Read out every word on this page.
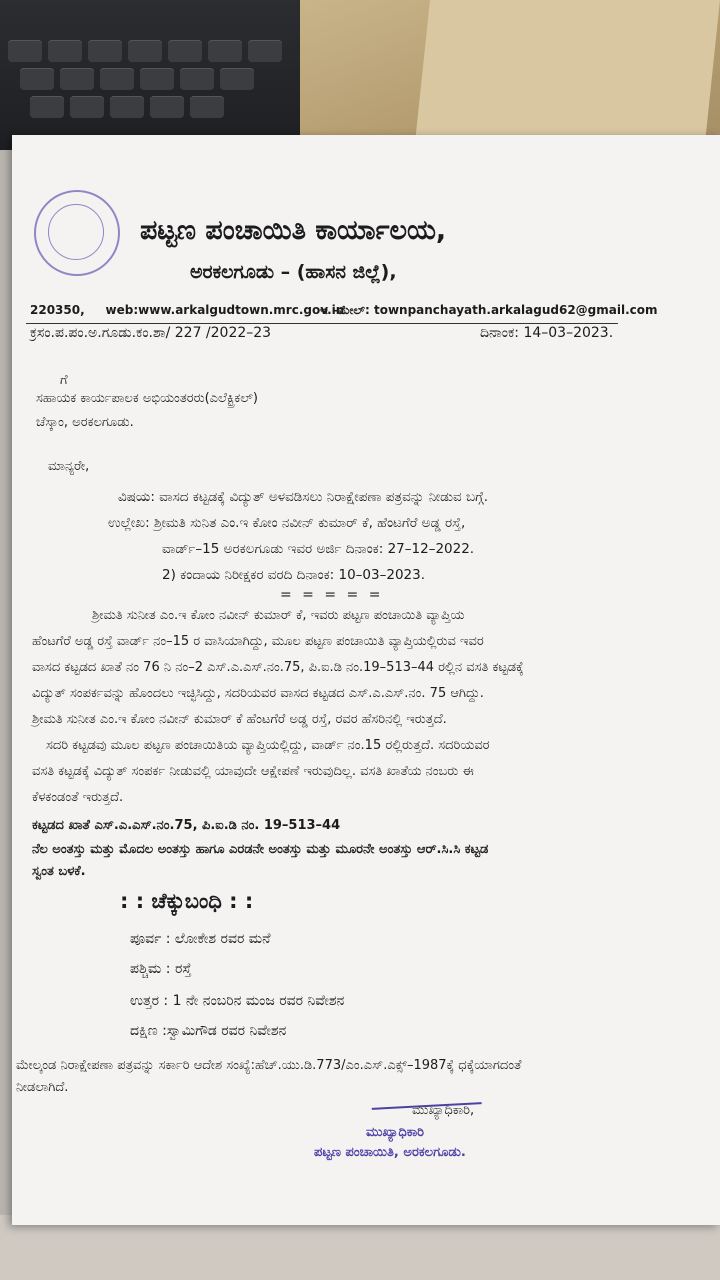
ಪಟ್ಟಣ ಪಂಚಾಯಿತಿ ಕಾರ್ಯಾಲಯ,
ಅರಕಲಗೂಡು – (ಹಾಸನ ಜಿಲ್ಲೆ),
220350, web:www.arkalgudtown.mrc.gov.in
ಇ –ಮೇಲ್: townpanchayath.arkalagud62@gmail.com
ಕ್ರಸಂ.ಪ.ಪಂ.ಅ.ಗೂಡು.ಕಂ.ಶಾ/ 227 /2022–23	ದಿನಾಂಕ: 14–03–2023.
ಗೆ
ಸಹಾಯಕ ಕಾರ್ಯಪಾಲಕ ಅಭಿಯಂತರರು(ಎಲೆಕ್ಟ್ರಿಕಲ್)
ಚೆಸ್ಕಾಂ, ಅರಕಲಗೂಡು.
ಮಾನ್ಯರೇ,
ವಿಷಯ: ವಾಸದ ಕಟ್ಟಡಕ್ಕೆ ವಿದ್ಯುತ್ ಅಳವಡಿಸಲು ನಿರಾಕ್ಷೇಪಣಾ ಪತ್ರವನ್ನು ನೀಡುವ ಬಗ್ಗೆ.
ಉಲ್ಲೇಖ: ಶ್ರೀಮತಿ ಸುನಿತ ಎಂ.ಇ ಕೋಂ ನವೀನ್ ಕುಮಾರ್ ಕೆ, ಹೆಂಟಗೆರೆ ಅಡ್ಡ ರಸ್ತೆ,
ವಾರ್ಡ್–15 ಅರಕಲಗೂಡು ಇವರ ಅರ್ಜಿ ದಿನಾಂಕ: 27–12–2022.
2) ಕಂದಾಯ ನಿರೀಕ್ಷಕರ ವರದಿ ದಿನಾಂಕ: 10–03–2023.
= = = = =
ಶ್ರೀಮತಿ ಸುನೀತ ಎಂ.ಇ ಕೋಂ ನವೀನ್ ಕುಮಾರ್ ಕೆ, ಇವರು ಪಟ್ಟಣ ಪಂಚಾಯಿತಿ ವ್ಯಾಪ್ತಿಯ
ಹೆಂಟಗೆರೆ ಅಡ್ಡ ರಸ್ತೆ ವಾರ್ಡ್ ನಂ–15 ರ ವಾಸಿಯಾಗಿದ್ದು, ಮೂಲ ಪಟ್ಟಣ ಪಂಚಾಯಿತಿ ವ್ಯಾಪ್ತಿಯಲ್ಲಿರುವ ಇವರ
ವಾಸದ ಕಟ್ಟಡದ ಖಾತೆ ನಂ 76 ನಿ ನಂ–2 ಎಸ್.ಎ.ಎಸ್.ನಂ.75, ಪಿ.ಐ.ಡಿ ನಂ.19–513–44 ರಲ್ಲಿನ ವಸತಿ ಕಟ್ಟಡಕ್ಕೆ
ವಿದ್ಯುತ್ ಸಂಪರ್ಕವನ್ನು ಹೊಂದಲು ಇಚ್ಛಿಸಿದ್ದು, ಸದರಿಯವರ ವಾಸದ ಕಟ್ಟಡದ ಎಸ್.ಎ.ಎಸ್.ನಂ. 75 ಆಗಿದ್ದು.
ಶ್ರೀಮತಿ ಸುನೀತ ಎಂ.ಇ ಕೋಂ ನವೀನ್ ಕುಮಾರ್ ಕೆ ಹೆಂಟಗೆರೆ ಅಡ್ಡ ರಸ್ತೆ, ರವರ ಹೆಸರಿನಲ್ಲಿ ಇರುತ್ತದೆ.
ಸದರಿ ಕಟ್ಟಡವು ಮೂಲ ಪಟ್ಟಣ ಪಂಚಾಯಿತಿಯ ವ್ಯಾಪ್ತಿಯಲ್ಲಿದ್ದು, ವಾರ್ಡ್ ನಂ.15 ರಲ್ಲಿರುತ್ತದೆ. ಸದರಿಯವರ
ವಸತಿ ಕಟ್ಟಡಕ್ಕೆ ವಿದ್ಯುತ್ ಸಂಪರ್ಕ ನೀಡುವಲ್ಲಿ ಯಾವುದೇ ಆಕ್ಷೇಪಣೆ ಇರುವುದಿಲ್ಲ. ವಸತಿ ಖಾತೆಯ ನಂಬರು ಈ
ಕೆಳಕಂಡಂತೆ ಇರುತ್ತದೆ.
ಕಟ್ಟಡದ ಖಾತೆ ಎಸ್.ಎ.ಎಸ್.ನಂ.75, ಪಿ.ಐ.ಡಿ ನಂ. 19–513–44
ನೆಲ ಅಂತಸ್ತು ಮತ್ತು ಮೊದಲ ಅಂತಸ್ತು ಹಾಗೂ ಎರಡನೇ ಅಂತಸ್ತು ಮತ್ತು ಮೂರನೇ ಅಂತಸ್ತು ಆರ್.ಸಿ.ಸಿ ಕಟ್ಟಡ
ಸ್ವಂತ ಬಳಕೆ.
: : ಚೆಕ್ಕುಬಂಧಿ : :
ಪೂರ್ವ : ಲೋಕೇಶ ರವರ ಮನೆ
ಪಶ್ಚಿಮ : ರಸ್ತೆ
ಉತ್ತರ : 1 ನೇ ನಂಬರಿನ ಮಂಜ ರವರ ನಿವೇಶನ
ದಕ್ಷಿಣ :ಸ್ವಾಮಿಗೌಡ ರವರ ನಿವೇಶನ
ಮೇಲ್ಕಂಡ ನಿರಾಕ್ಷೇಪಣಾ ಪತ್ರವನ್ನು ಸರ್ಕಾರಿ ಆದೇಶ ಸಂಖ್ಯೆ:ಹೆಚ್.ಯು.ಡಿ.773/ಎಂ.ಎಸ್.ಎಕ್ಸ್–1987ಕ್ಕೆ ಧಕ್ಕೆಯಾಗದಂತೆ
ನೀಡಲಾಗಿದೆ.
ಮುಖ್ಯಾಧಿಕಾರಿ,
ಮುಖ್ಯಾಧಿಕಾರಿ
ಪಟ್ಟಣ ಪಂಚಾಯಿತಿ, ಅರಕಲಗೂಡು.
